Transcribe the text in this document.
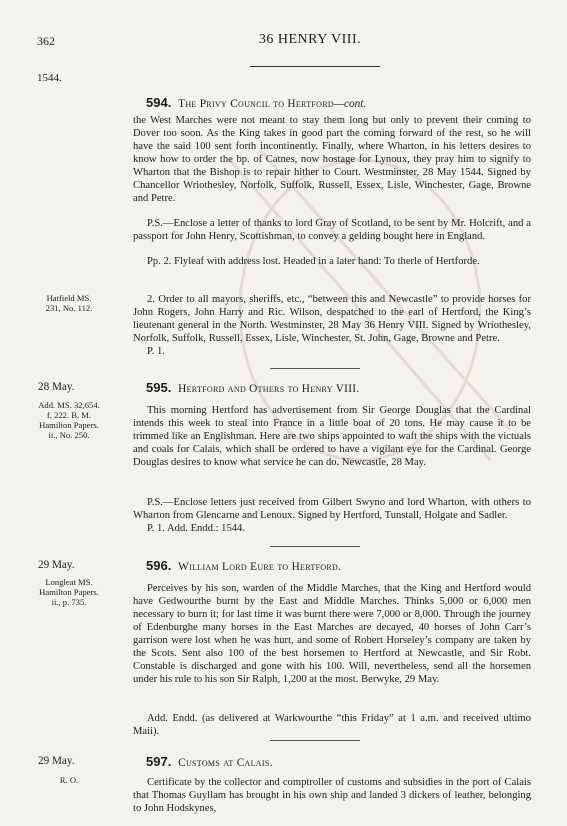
362	36 HENRY VIII.
1544.
594. The Privy Council to Hertford—cont.

the West Marches were not meant to stay them long but only to prevent their coming to Dover too soon. As the King takes in good part the coming forward of the rest, so he will have the said 100 sent forth incontinently. Finally, where Wharton, in his letters desires to know how to order the bp. of Catnes, now hostage for Lynoux, they pray him to signify to Wharton that the Bishop is to repair hither to Court. Westminster, 28 May 1544. Signed by Chancellor Wriothesley, Norfolk, Suffolk, Russell, Essex, Lisle, Winchester, Gage, Browne and Petre.

P.S.—Enclose a letter of thanks to lord Gray of Scotland, to be sent by Mr. Holcrift, and a passport for John Henry, Scottishman, to convey a gelding bought here in England.

Pp. 2. Flyleaf with address lost. Headed in a later hand: To therle of Hertforde.

Hatfield MS. 231, No. 112.

2. Order to all mayors, sheriffs, etc., “between this and Newcastle” to provide horses for John Rogers, John Harry and Ric. Wilson, despatched to the earl of Hertford, the King’s lieutenant general in the North. Westminster, 28 May 36 Henry VIII. Signed by Wriothesley, Norfolk, Suffolk, Russell, Essex, Lisle, Winchester, St. John, Gage, Browne and Petre.

P. 1.

28 May.	595. Hertford and Others to Henry VIII.
Add. MS. 32,654. f. 222. B. M. Hamilton Papers. ii., No. 250.

This morning Hertford has advertisement from Sir George Douglas that the Cardinal intends this week to steal into France in a little boat of 20 tons. He may cause it to be trimmed like an Englishman. Here are two ships appointed to waft the ships with the victuals and coals for Calais, which shall be ordered to have a vigilant eye for the Cardinal. George Douglas desires to know what service he can do. Newcastle, 28 May.

P.S.—Enclose letters just received from Gilbert Swyno and lord Wharton, with others to Wharton from Glencarne and Lenoux. Signed by Hertford, Tunstall, Holgate and Sadler.

P. 1. Add. Endd.: 1544.

29 May.	596. William Lord Eure to Hertford.
Longleat MS. Hamilton Papers. ii., p. 735.

Perceives by his son, warden of the Middle Marches, that the King and Hertford would have Gedwourthe burnt by the East and Middle Marches. Thinks 5,000 or 6,000 men necessary to burn it; for last time it was burnt there were 7,000 or 8,000. Through the journey of Edenburghe many horses in the East Marches are decayed, 40 horses of John Carr’s garrison were lost when he was hurt, and some of Robert Horseley’s company are taken by the Scots. Sent also 100 of the best horsemen to Hertford at Newcastle, and Sir Robt. Constable is discharged and gone with his 100. Will, nevertheless, send all the horsemen under his rule to his son Sir Ralph, 1,200 at the most. Berwyke, 29 May.

Add. Endd. (as delivered at Warkwourthe “this Friday” at 1 a.m. and received ultimo Maii).

29 May.	597. Customs at Calais.
R. O.	Certificate by the collector and comptroller of customs and subsidies in the port of Calais that Thomas Guyllam has brought in his own ship and landed 3 dickers of leather, belonging to John Hodskynes,
